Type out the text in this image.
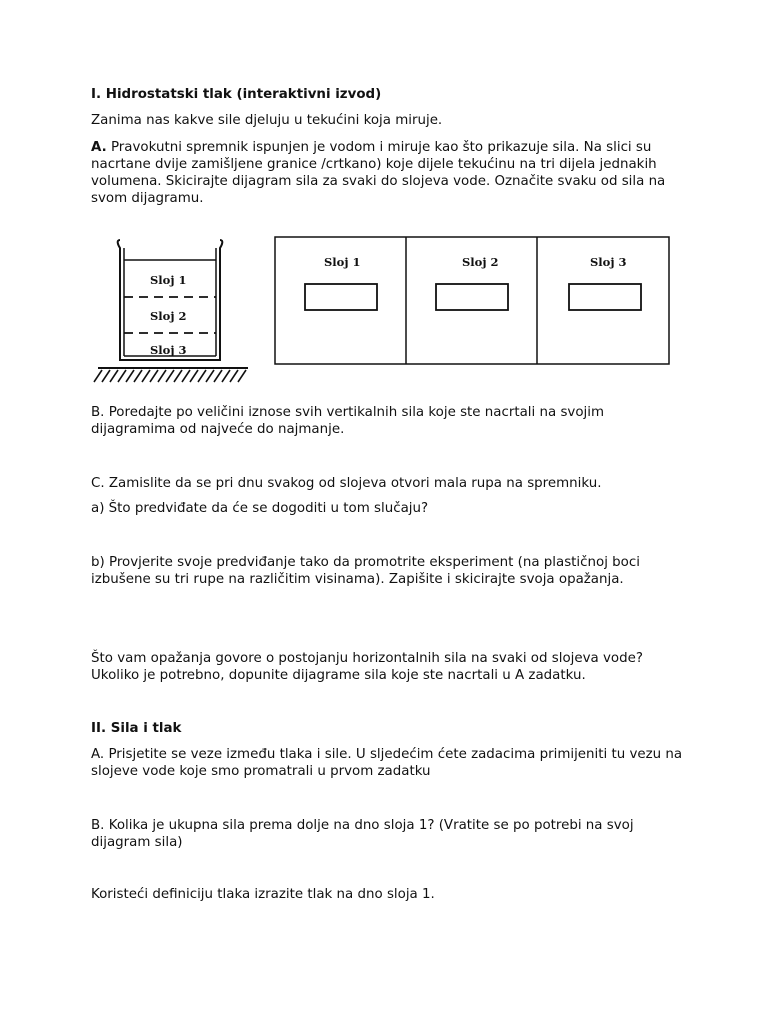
I. Hidrostatski tlak (interaktivni izvod)

Zanima nas kakve sile djeluju u tekućini koja miruje.

A. Pravokutni spremnik ispunjen je vodom i miruje kao što prikazuje sila. Na slici su nacrtane dvije zamišljene granice /crtkano) koje dijele tekućinu na tri dijela jednakih volumena. Skicirajte dijagram sila za svaki do slojeva vode. Označite svaku od sila na svom dijagramu.

Sloj 1
Sloj 2
Sloj 3
Sloj 1	Sloj 2	Sloj 3

B. Poredajte po veličini iznose svih vertikalnih sila koje ste nacrtali na svojim dijagramima od najveće do najmanje.

C. Zamislite da se pri dnu svakog od slojeva otvori mala rupa na spremniku.

a) Što predviđate da će se dogoditi u tom slučaju?

b) Provjerite svoje predviđanje tako da promotrite eksperiment (na plastičnoj boci izbušene su tri rupe na različitim visinama). Zapišite i skicirajte svoja opažanja.

Što vam opažanja govore o postojanju horizontalnih sila na svaki od slojeva vode? Ukoliko je potrebno, dopunite dijagrame sila koje ste nacrtali u A zadatku.

II. Sila i tlak

A. Prisjetite se veze između tlaka i sile. U sljedećim ćete zadacima primijeniti tu vezu na slojeve vode koje smo promatrali u prvom zadatku

B. Kolika je ukupna sila prema dolje na dno sloja 1? (Vratite se po potrebi na svoj dijagram sila)

Koristeći definiciju tlaka izrazite tlak na dno sloja 1.
